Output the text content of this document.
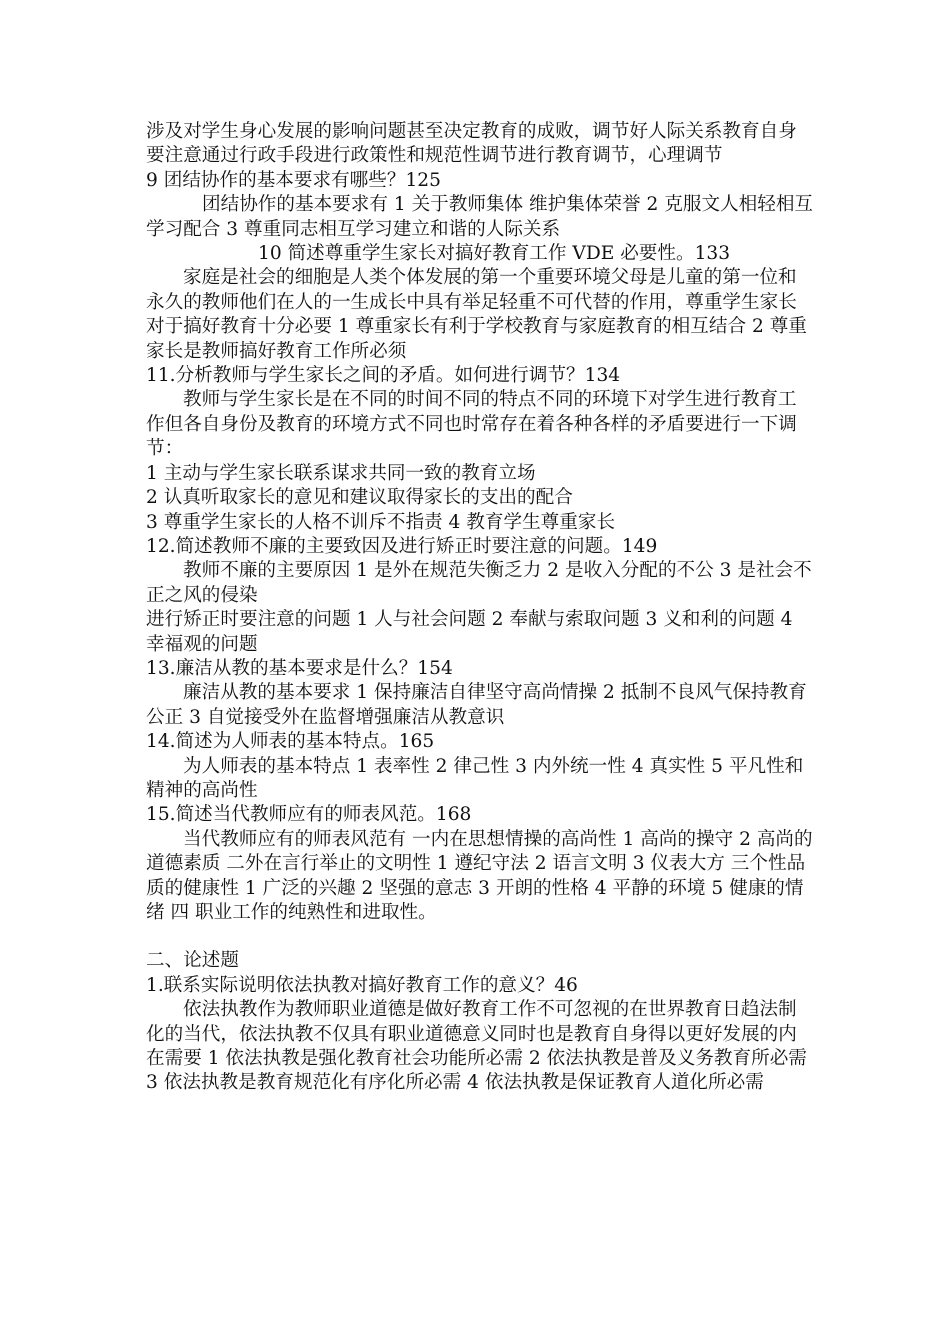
涉及对学生身心发展的影响问题甚至决定教育的成败，调节好人际关系教育自身要注意通过行政手段进行政策性和规范性调节进行教育调节，心理调节

9 团结协作的基本要求有哪些？125

团结协作的基本要求有 1 关于教师集体 维护集体荣誉 2 克服文人相轻相互学习配合 3 尊重同志相互学习建立和谐的人际关系

10 简述尊重学生家长对搞好教育工作 VDE 必要性。133

家庭是社会的细胞是人类个体发展的第一个重要环境父母是儿童的第一位和永久的教师他们在人的一生成长中具有举足轻重不可代替的作用，尊重学生家长对于搞好教育十分必要 1 尊重家长有利于学校教育与家庭教育的相互结合 2 尊重家长是教师搞好教育工作所必须

11.分析教师与学生家长之间的矛盾。如何进行调节？134

教师与学生家长是在不同的时间不同的特点不同的环境下对学生进行教育工作但各自身份及教育的环境方式不同也时常存在着各种各样的矛盾要进行一下调节：

1 主动与学生家长联系谋求共同一致的教育立场

2 认真听取家长的意见和建议取得家长的支出的配合

3 尊重学生家长的人格不训斥不指责 4 教育学生尊重家长

12.简述教师不廉的主要致因及进行矫正时要注意的问题。149

教师不廉的主要原因 1 是外在规范失衡乏力 2 是收入分配的不公 3 是社会不正之风的侵染

进行矫正时要注意的问题 1 人与社会问题 2 奉献与索取问题 3 义和利的问题 4 幸福观的问题

13.廉洁从教的基本要求是什么？154

廉洁从教的基本要求 1 保持廉洁自律坚守高尚情操 2 抵制不良风气保持教育公正 3 自觉接受外在监督增强廉洁从教意识

14.简述为人师表的基本特点。165

为人师表的基本特点 1 表率性 2 律己性 3 内外统一性 4 真实性 5 平凡性和精神的高尚性

15.简述当代教师应有的师表风范。168

当代教师应有的师表风范有 一内在思想情操的高尚性 1 高尚的操守 2 高尚的道德素质 二外在言行举止的文明性 1 遵纪守法 2 语言文明 3 仪表大方 三个性品质的健康性 1 广泛的兴趣 2 坚强的意志 3 开朗的性格 4 平静的环境 5 健康的情绪 四 职业工作的纯熟性和进取性。

二、论述题

1.联系实际说明依法执教对搞好教育工作的意义？46

依法执教作为教师职业道德是做好教育工作不可忽视的在世界教育日趋法制化的当代，依法执教不仅具有职业道德意义同时也是教育自身得以更好发展的内在需要 1 依法执教是强化教育社会功能所必需 2 依法执教是普及义务教育所必需 3 依法执教是教育规范化有序化所必需 4 依法执教是保证教育人道化所必需
